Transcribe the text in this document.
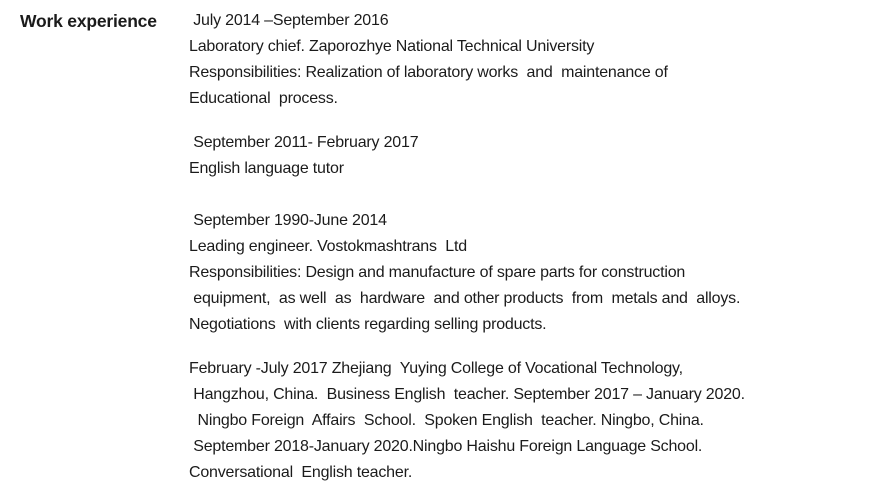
Work experience July 2014 –September 2016
Laboratory chief. Zaporozhye National Technical University
Responsibilities: Realization of laboratory works  and  maintenance of
Educational  process.
September 2011- February 2017
English language tutor
September 1990-June 2014
Leading engineer. Vostokmashtrans  Ltd
Responsibilities: Design and manufacture of spare parts for construction
equipment,  as well  as  hardware  and other products  from  metals and  alloys.
Negotiations  with clients regarding selling products.
February -July 2017 Zhejiang  Yuying College of Vocational Technology,
Hangzhou, China.  Business English  teacher. September 2017 – January 2020.
Ningbo Foreign  Affairs  School.  Spoken English  teacher. Ningbo, China.
September 2018-January 2020.Ningbo Haishu Foreign Language School.
Conversational  English teacher.
